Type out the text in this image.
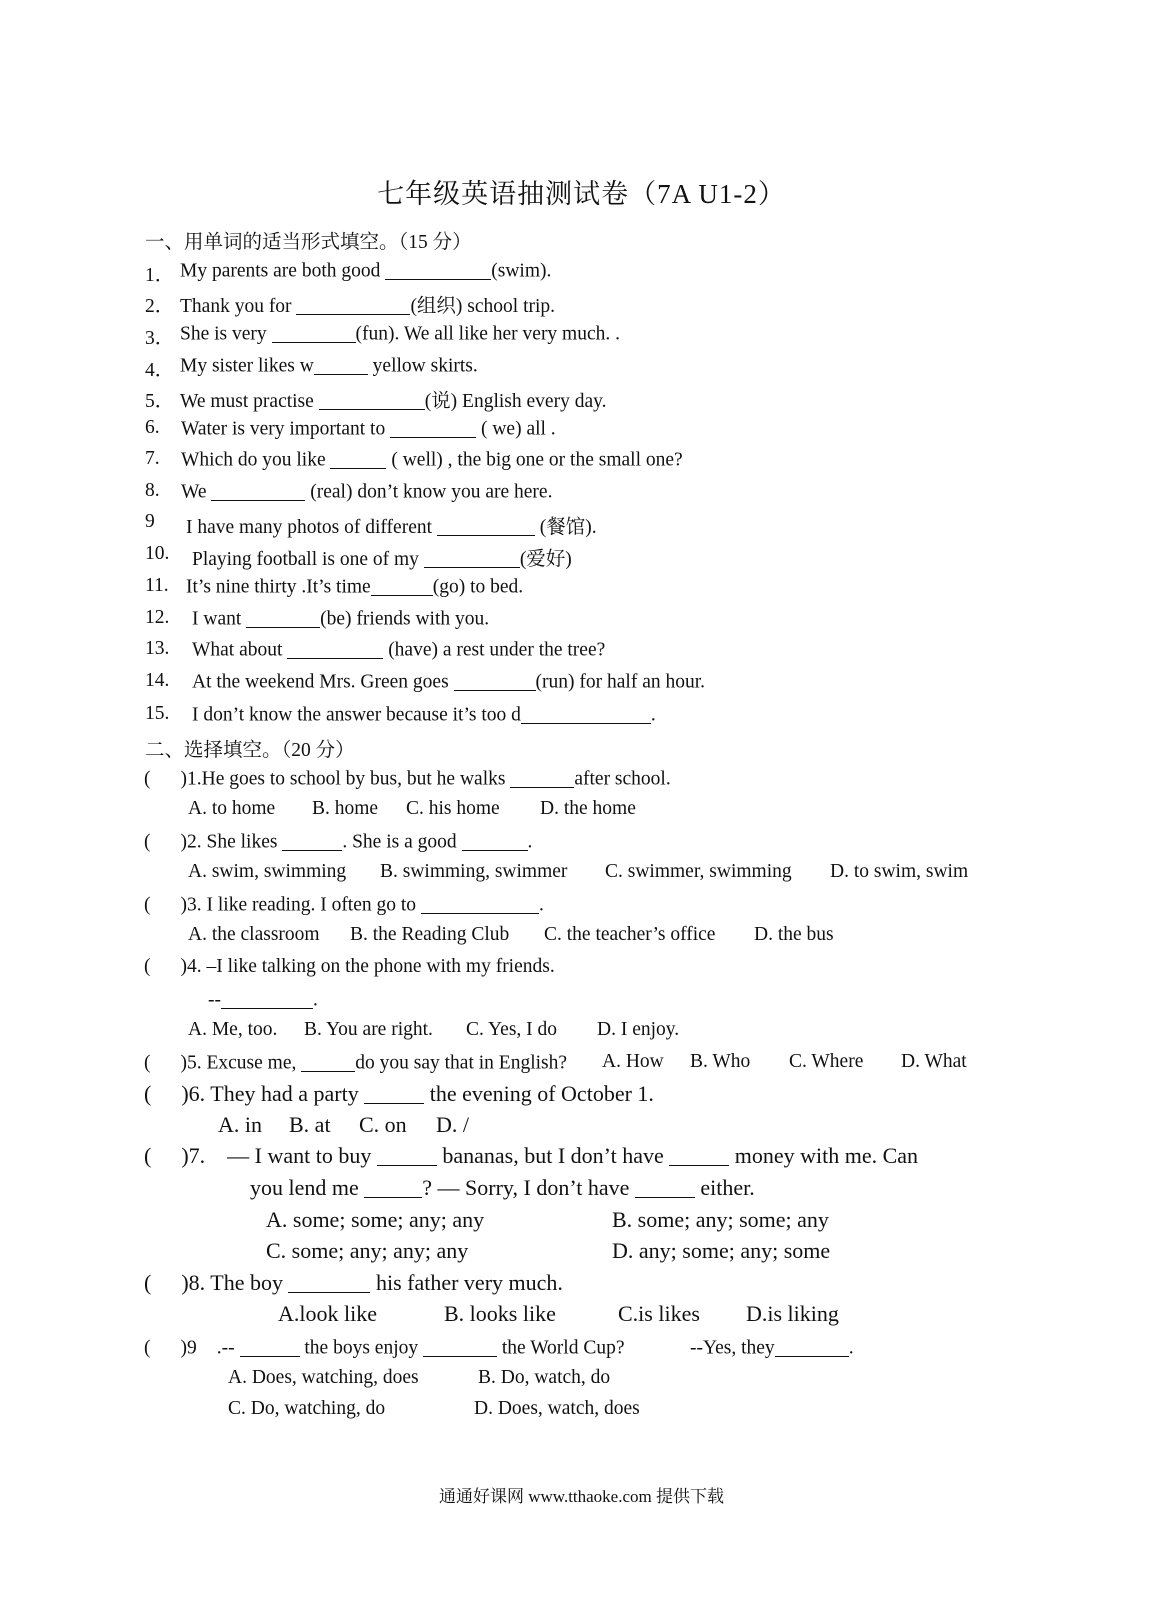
七年级英语抽测试卷（7A U1-2）
一、用单词的适当形式填空。（15 分）
1． My parents are both good	(swim).
2． Thank you for	(组织) school trip.
3． She is very	(fun). We all like her very much. .
4． My sister likes w	yellow skirts.
5． We must practise	(说) English every day.
6. Water is very important to	( we) all .
7. Which do you like	( well) , the big one or the small one?
8. We	(real) don’t know you are here.
9 I have many photos of different	(餐馆).
10. Playing football is one of my	(爱好)
11. It’s nine thirty .It’s time	(go) to bed.
12. I want	(be) friends with you.
13. What about	(have) a rest under the tree?
14. At the weekend Mrs. Green goes	(run) for half an hour.
15. I don’t know the answer because it’s too d	.
二、选择填空。（20 分）
( )1.He goes to school by bus, but he walks	after school.
A. to home B. home C. his home D. the home
( )2. She likes	. She is a good	.
A. swim, swimming B. swimming, swimmer C. swimmer, swimming D. to swim, swim
( )3. I like reading. I often go to	.
A. the classroom B. the Reading Club C. the teacher’s office D. the bus
( )4. –I like talking on the phone with my friends.
--	.
A. Me, too. B. You are right. C. Yes, I do D. I enjoy.
( )5. Excuse me,	do you say that in English? A. How B. Who C. Where D. What
( )6. They had a party	the evening of October 1.
A. in B. at C. on D. /
( )7. — I want to buy	bananas, but I don’t have	money with me. Can
you lend me	? — Sorry, I don’t have	either.
A. some; some; any; any	B. some; any; some; any
C. some; any; any; any	D. any; some; any; some
( )8. The boy	his father very much.
A.look like	B. looks like	C.is likes D.is liking
( )9 .--	the boys enjoy	the World Cup?	--Yes, they	.
A. Does, watching, does	B. Do, watch, do
C. Do, watching, do	D. Does, watch, does
通通好课网 www.tthaoke.com 提供下载
